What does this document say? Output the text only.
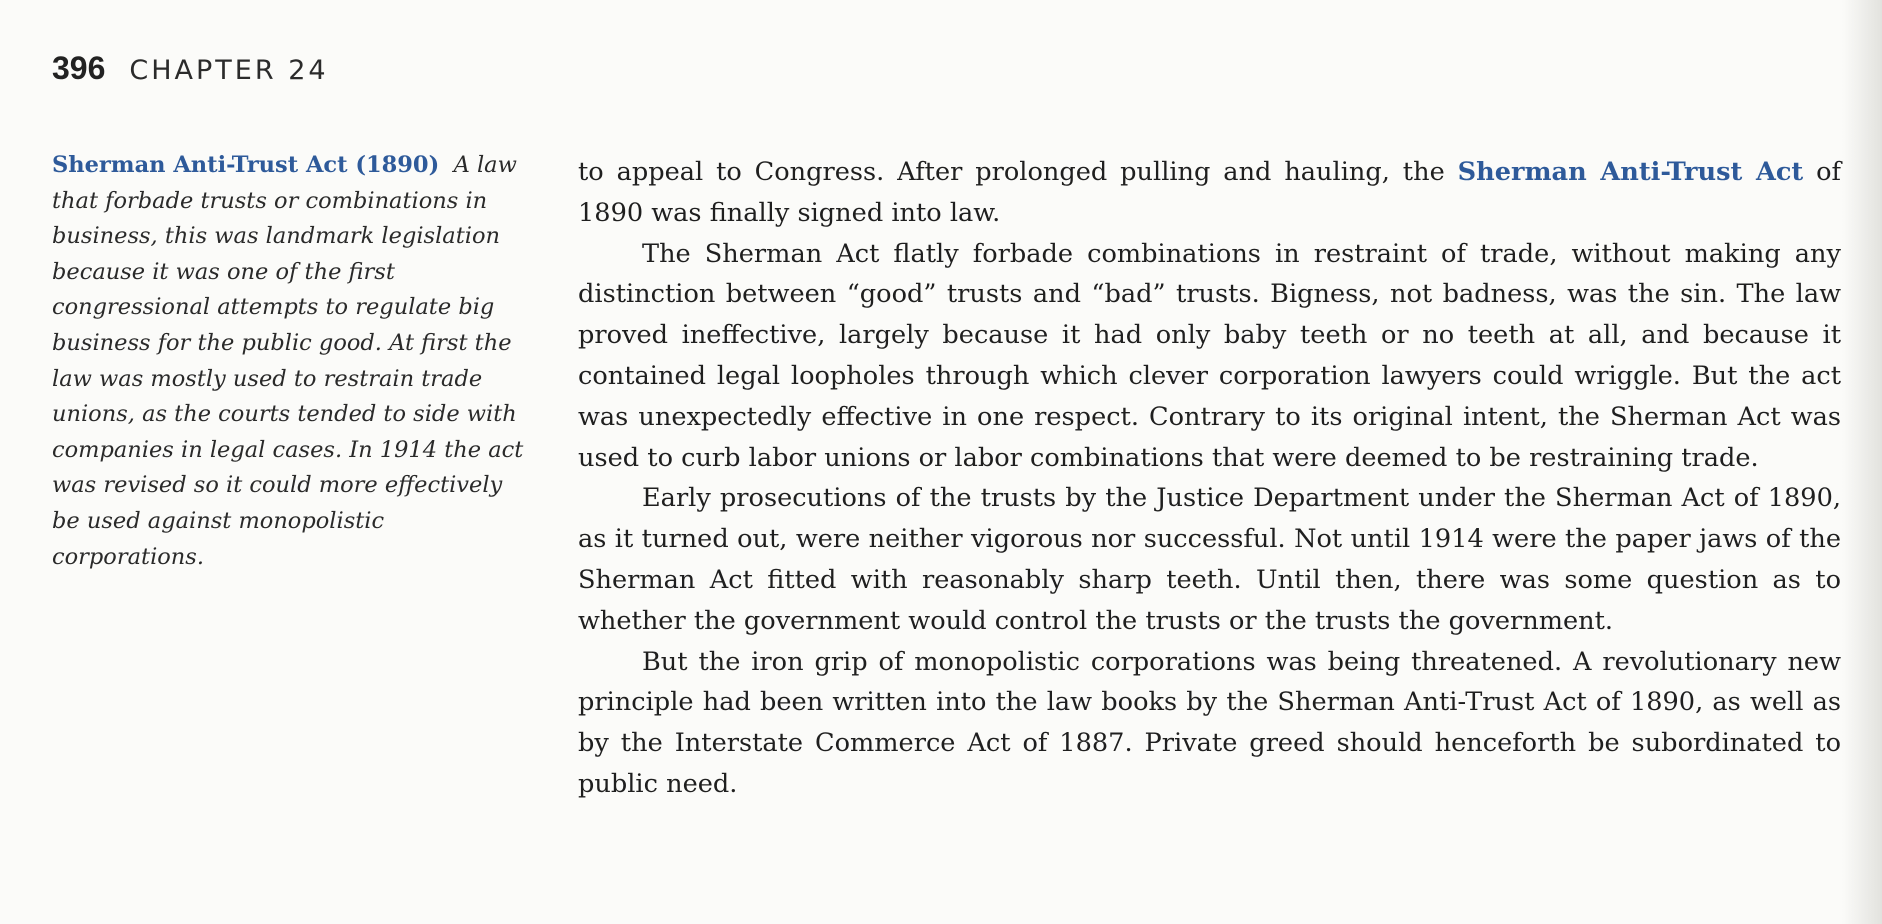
396 CHAPTER 24
Sherman Anti-Trust Act (1890) A law that forbade trusts or combinations in business, this was landmark legislation because it was one of the first congressional attempts to regulate big business for the public good. At first the law was mostly used to restrain trade unions, as the courts tended to side with companies in legal cases. In 1914 the act was revised so it could more effectively be used against monopolistic corporations.

to appeal to Congress. After prolonged pulling and hauling, the Sherman Anti-Trust Act of 1890 was finally signed into law.

The Sherman Act flatly forbade combinations in restraint of trade, without making any distinction between “good” trusts and “bad” trusts. Bigness, not badness, was the sin. The law proved ineffective, largely because it had only baby teeth or no teeth at all, and because it contained legal loopholes through which clever corporation lawyers could wriggle. But the act was unexpectedly effective in one respect. Contrary to its original intent, the Sherman Act was used to curb labor unions or labor combinations that were deemed to be restraining trade.

Early prosecutions of the trusts by the Justice Department under the Sherman Act of 1890, as it turned out, were neither vigorous nor successful. Not until 1914 were the paper jaws of the Sherman Act fitted with reasonably sharp teeth. Until then, there was some question as to whether the government would control the trusts or the trusts the government.

But the iron grip of monopolistic corporations was being threatened. A revolutionary new principle had been written into the law books by the Sherman Anti-Trust Act of 1890, as well as by the Interstate Commerce Act of 1887. Private greed should henceforth be subordinated to public need.
